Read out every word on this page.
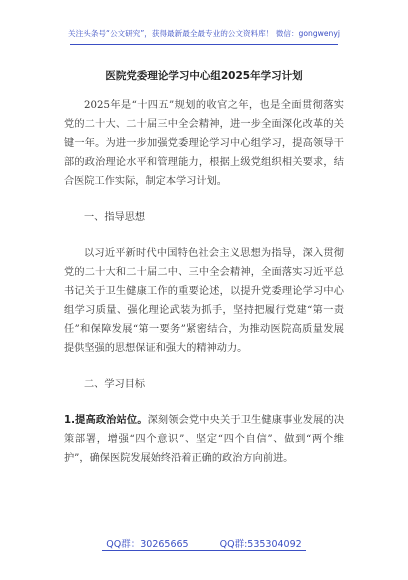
关注头条号“公文研究”，获得最新最全最专业的公文资料库！ 微信：gongwenyj
医院党委理论学习中心组2025年学习计划

2025年是“十四五”规划的收官之年，也是全面贯彻落实党的二十大、二十届三中全会精神，进一步全面深化改革的关键一年。为进一步加强党委理论学习中心组学习，提高领导干部的政治理论水平和管理能力，根据上级党组织相关要求，结合医院工作实际，制定本学习计划。

一、指导思想

以习近平新时代中国特色社会主义思想为指导，深入贯彻党的二十大和二十届二中、三中全会精神，全面落实习近平总书记关于卫生健康工作的重要论述，以提升党委理论学习中心组学习质量、强化理论武装为抓手，坚持把履行党建“第一责任”和保障发展“第一要务”紧密结合，为推动医院高质量发展提供坚强的思想保证和强大的精神动力。

二、学习目标

1.提高政治站位。深刻领会党中央关于卫生健康事业发展的决策部署，增强“四个意识”、坚定“四个自信”、做到“两个维护”，确保医院发展始终沿着正确的政治方向前进。

QQ群：30265665	QQ群:535304092
